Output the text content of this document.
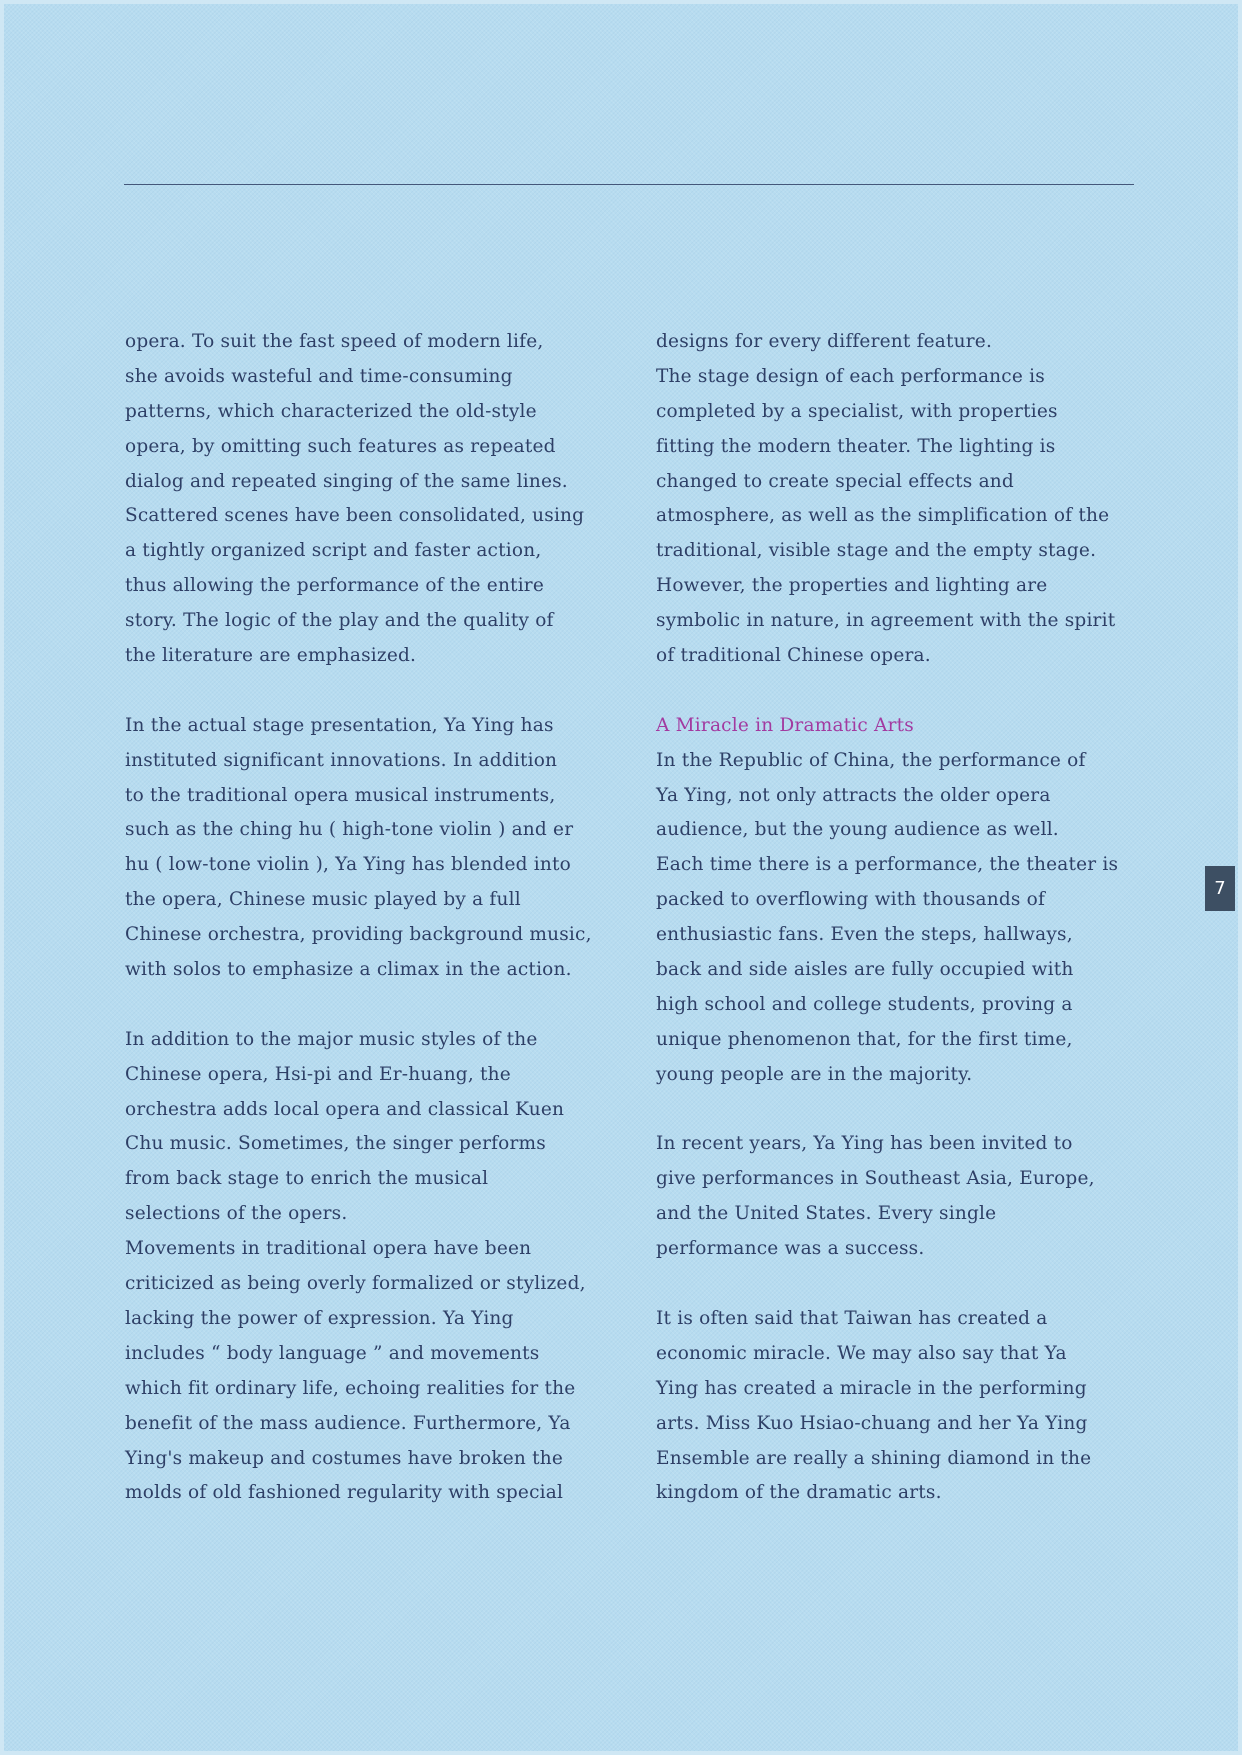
opera. To suit the fast speed of modern life,
she avoids wasteful and time-consuming
patterns, which characterized the old-style
opera, by omitting such features as repeated
dialog and repeated singing of the same lines.
Scattered scenes have been consolidated, using
a tightly organized script and faster action,
thus allowing the performance of the entire
story. The logic of the play and the quality of
the literature are emphasized.
In the actual stage presentation, Ya Ying has
instituted significant innovations. In addition
to the traditional opera musical instruments,
such as the ching hu ( high-tone violin ) and er
hu ( low-tone violin ), Ya Ying has blended into
the opera, Chinese music played by a full
Chinese orchestra, providing background music,
with solos to emphasize a climax in the action.
In addition to the major music styles of the
Chinese opera, Hsi-pi and Er-huang, the
orchestra adds local opera and classical Kuen
Chu music. Sometimes, the singer performs
from back stage to enrich the musical
selections of the opers.
Movements in traditional opera have been
criticized as being overly formalized or stylized,
lacking the power of expression. Ya Ying
includes “ body language ” and movements
which fit ordinary life, echoing realities for the
benefit of the mass audience. Furthermore, Ya
Ying's makeup and costumes have broken the
molds of old fashioned regularity with special
designs for every different feature.
The stage design of each performance is
completed by a specialist, with properties
fitting the modern theater. The lighting is
changed to create special effects and
atmosphere, as well as the simplification of the
traditional, visible stage and the empty stage.
However, the properties and lighting are
symbolic in nature, in agreement with the spirit
of traditional Chinese opera.
A Miracle in Dramatic Arts
In the Republic of China, the performance of
Ya Ying, not only attracts the older opera
audience, but the young audience as well.
Each time there is a performance, the theater is
packed to overflowing with thousands of
enthusiastic fans. Even the steps, hallways,
back and side aisles are fully occupied with
high school and college students, proving a
unique phenomenon that, for the first time,
young people are in the majority.
In recent years, Ya Ying has been invited to
give performances in Southeast Asia, Europe,
and the United States. Every single
performance was a success.
It is often said that Taiwan has created a
economic miracle. We may also say that Ya
Ying has created a miracle in the performing
arts. Miss Kuo Hsiao-chuang and her Ya Ying
Ensemble are really a shining diamond in the
kingdom of the dramatic arts.
7
